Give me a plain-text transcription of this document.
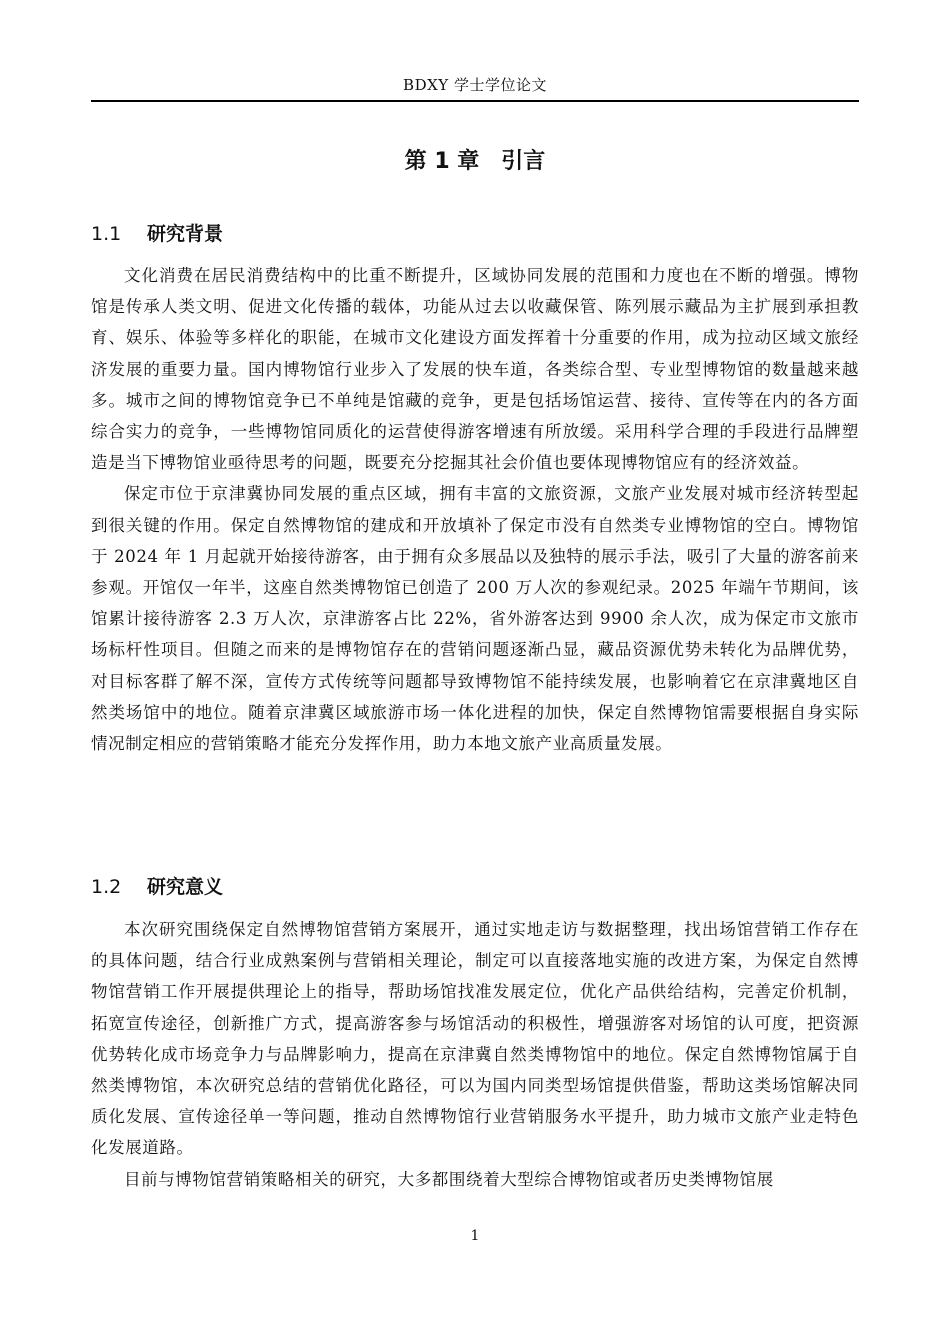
BDXY 学士学位论文
第 1 章　引言
1.1 研究背景

文化消费在居民消费结构中的比重不断提升，区域协同发展的范围和力度也在不断的增强。博物馆是传承人类文明、促进文化传播的载体，功能从过去以收藏保管、陈列展示藏品为主扩展到承担教育、娱乐、体验等多样化的职能，在城市文化建设方面发挥着十分重要的作用，成为拉动区域文旅经济发展的重要力量。国内博物馆行业步入了发展的快车道，各类综合型、专业型博物馆的数量越来越多。城市之间的博物馆竞争已不单纯是馆藏的竞争，更是包括场馆运营、接待、宣传等在内的各方面综合实力的竞争，一些博物馆同质化的运营使得游客增速有所放缓。采用科学合理的手段进行品牌塑造是当下博物馆业亟待思考的问题，既要充分挖掘其社会价值也要体现博物馆应有的经济效益。

保定市位于京津冀协同发展的重点区域，拥有丰富的文旅资源，文旅产业发展对城市经济转型起到很关键的作用。保定自然博物馆的建成和开放填补了保定市没有自然类专业博物馆的空白。博物馆于 2024 年 1 月起就开始接待游客，由于拥有众多展品以及独特的展示手法，吸引了大量的游客前来参观。开馆仅一年半，这座自然类博物馆已创造了 200 万人次的参观纪录。2025 年端午节期间，该馆累计接待游客 2.3 万人次，京津游客占比 22%，省外游客达到 9900 余人次，成为保定市文旅市场标杆性项目。但随之而来的是博物馆存在的营销问题逐渐凸显，藏品资源优势未转化为品牌优势，对目标客群了解不深，宣传方式传统等问题都导致博物馆不能持续发展，也影响着它在京津冀地区自然类场馆中的地位。随着京津冀区域旅游市场一体化进程的加快，保定自然博物馆需要根据自身实际情况制定相应的营销策略才能充分发挥作用，助力本地文旅产业高质量发展。

1.2 研究意义

本次研究围绕保定自然博物馆营销方案展开，通过实地走访与数据整理，找出场馆营销工作存在的具体问题，结合行业成熟案例与营销相关理论，制定可以直接落地实施的改进方案，为保定自然博物馆营销工作开展提供理论上的指导，帮助场馆找准发展定位，优化产品供给结构，完善定价机制，拓宽宣传途径，创新推广方式，提高游客参与场馆活动的积极性，增强游客对场馆的认可度，把资源优势转化成市场竞争力与品牌影响力，提高在京津冀自然类博物馆中的地位。保定自然博物馆属于自然类博物馆，本次研究总结的营销优化路径，可以为国内同类型场馆提供借鉴，帮助这类场馆解决同质化发展、宣传途径单一等问题，推动自然博物馆行业营销服务水平提升，助力城市文旅产业走特色化发展道路。

目前与博物馆营销策略相关的研究，大多都围绕着大型综合博物馆或者历史类博物馆展

1
